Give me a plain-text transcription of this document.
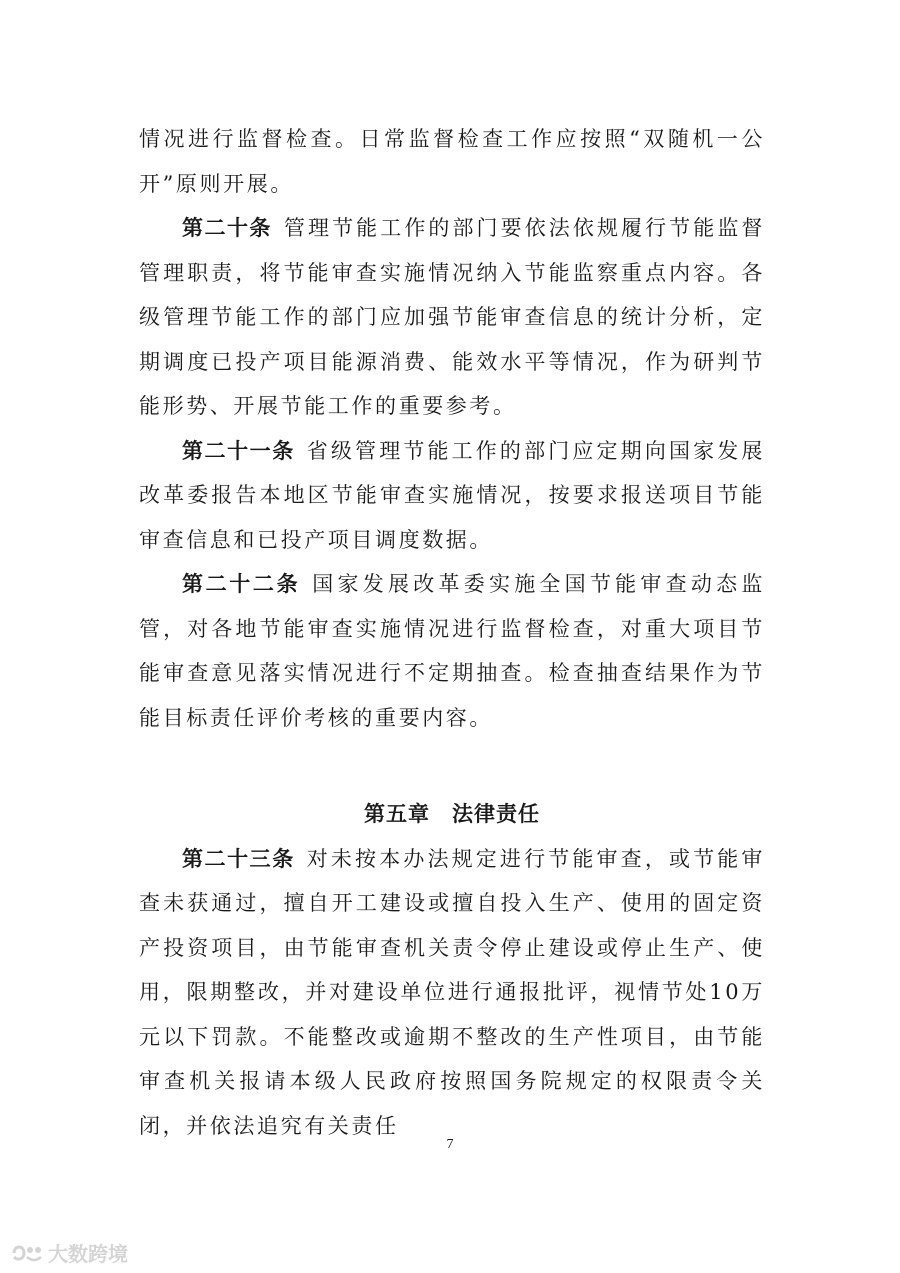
情况进行监督检查。日常监督检查工作应按照“双随机一公开”原则开展。

第二十条 管理节能工作的部门要依法依规履行节能监督管理职责，将节能审查实施情况纳入节能监察重点内容。各级管理节能工作的部门应加强节能审查信息的统计分析，定期调度已投产项目能源消费、能效水平等情况，作为研判节能形势、开展节能工作的重要参考。

第二十一条 省级管理节能工作的部门应定期向国家发展改革委报告本地区节能审查实施情况，按要求报送项目节能审查信息和已投产项目调度数据。

第二十二条 国家发展改革委实施全国节能审查动态监管，对各地节能审查实施情况进行监督检查，对重大项目节能审查意见落实情况进行不定期抽查。检查抽查结果作为节能目标责任评价考核的重要内容。

第五章 法律责任

第二十三条 对未按本办法规定进行节能审查，或节能审查未获通过，擅自开工建设或擅自投入生产、使用的固定资产投资项目，由节能审查机关责令停止建设或停止生产、使用，限期整改，并对建设单位进行通报批评，视情节处10万元以下罚款。不能整改或逾期不整改的生产性项目，由节能审查机关报请本级人民政府按照国务院规定的权限责令关闭，并依法追究有关责任

7
大数跨境
